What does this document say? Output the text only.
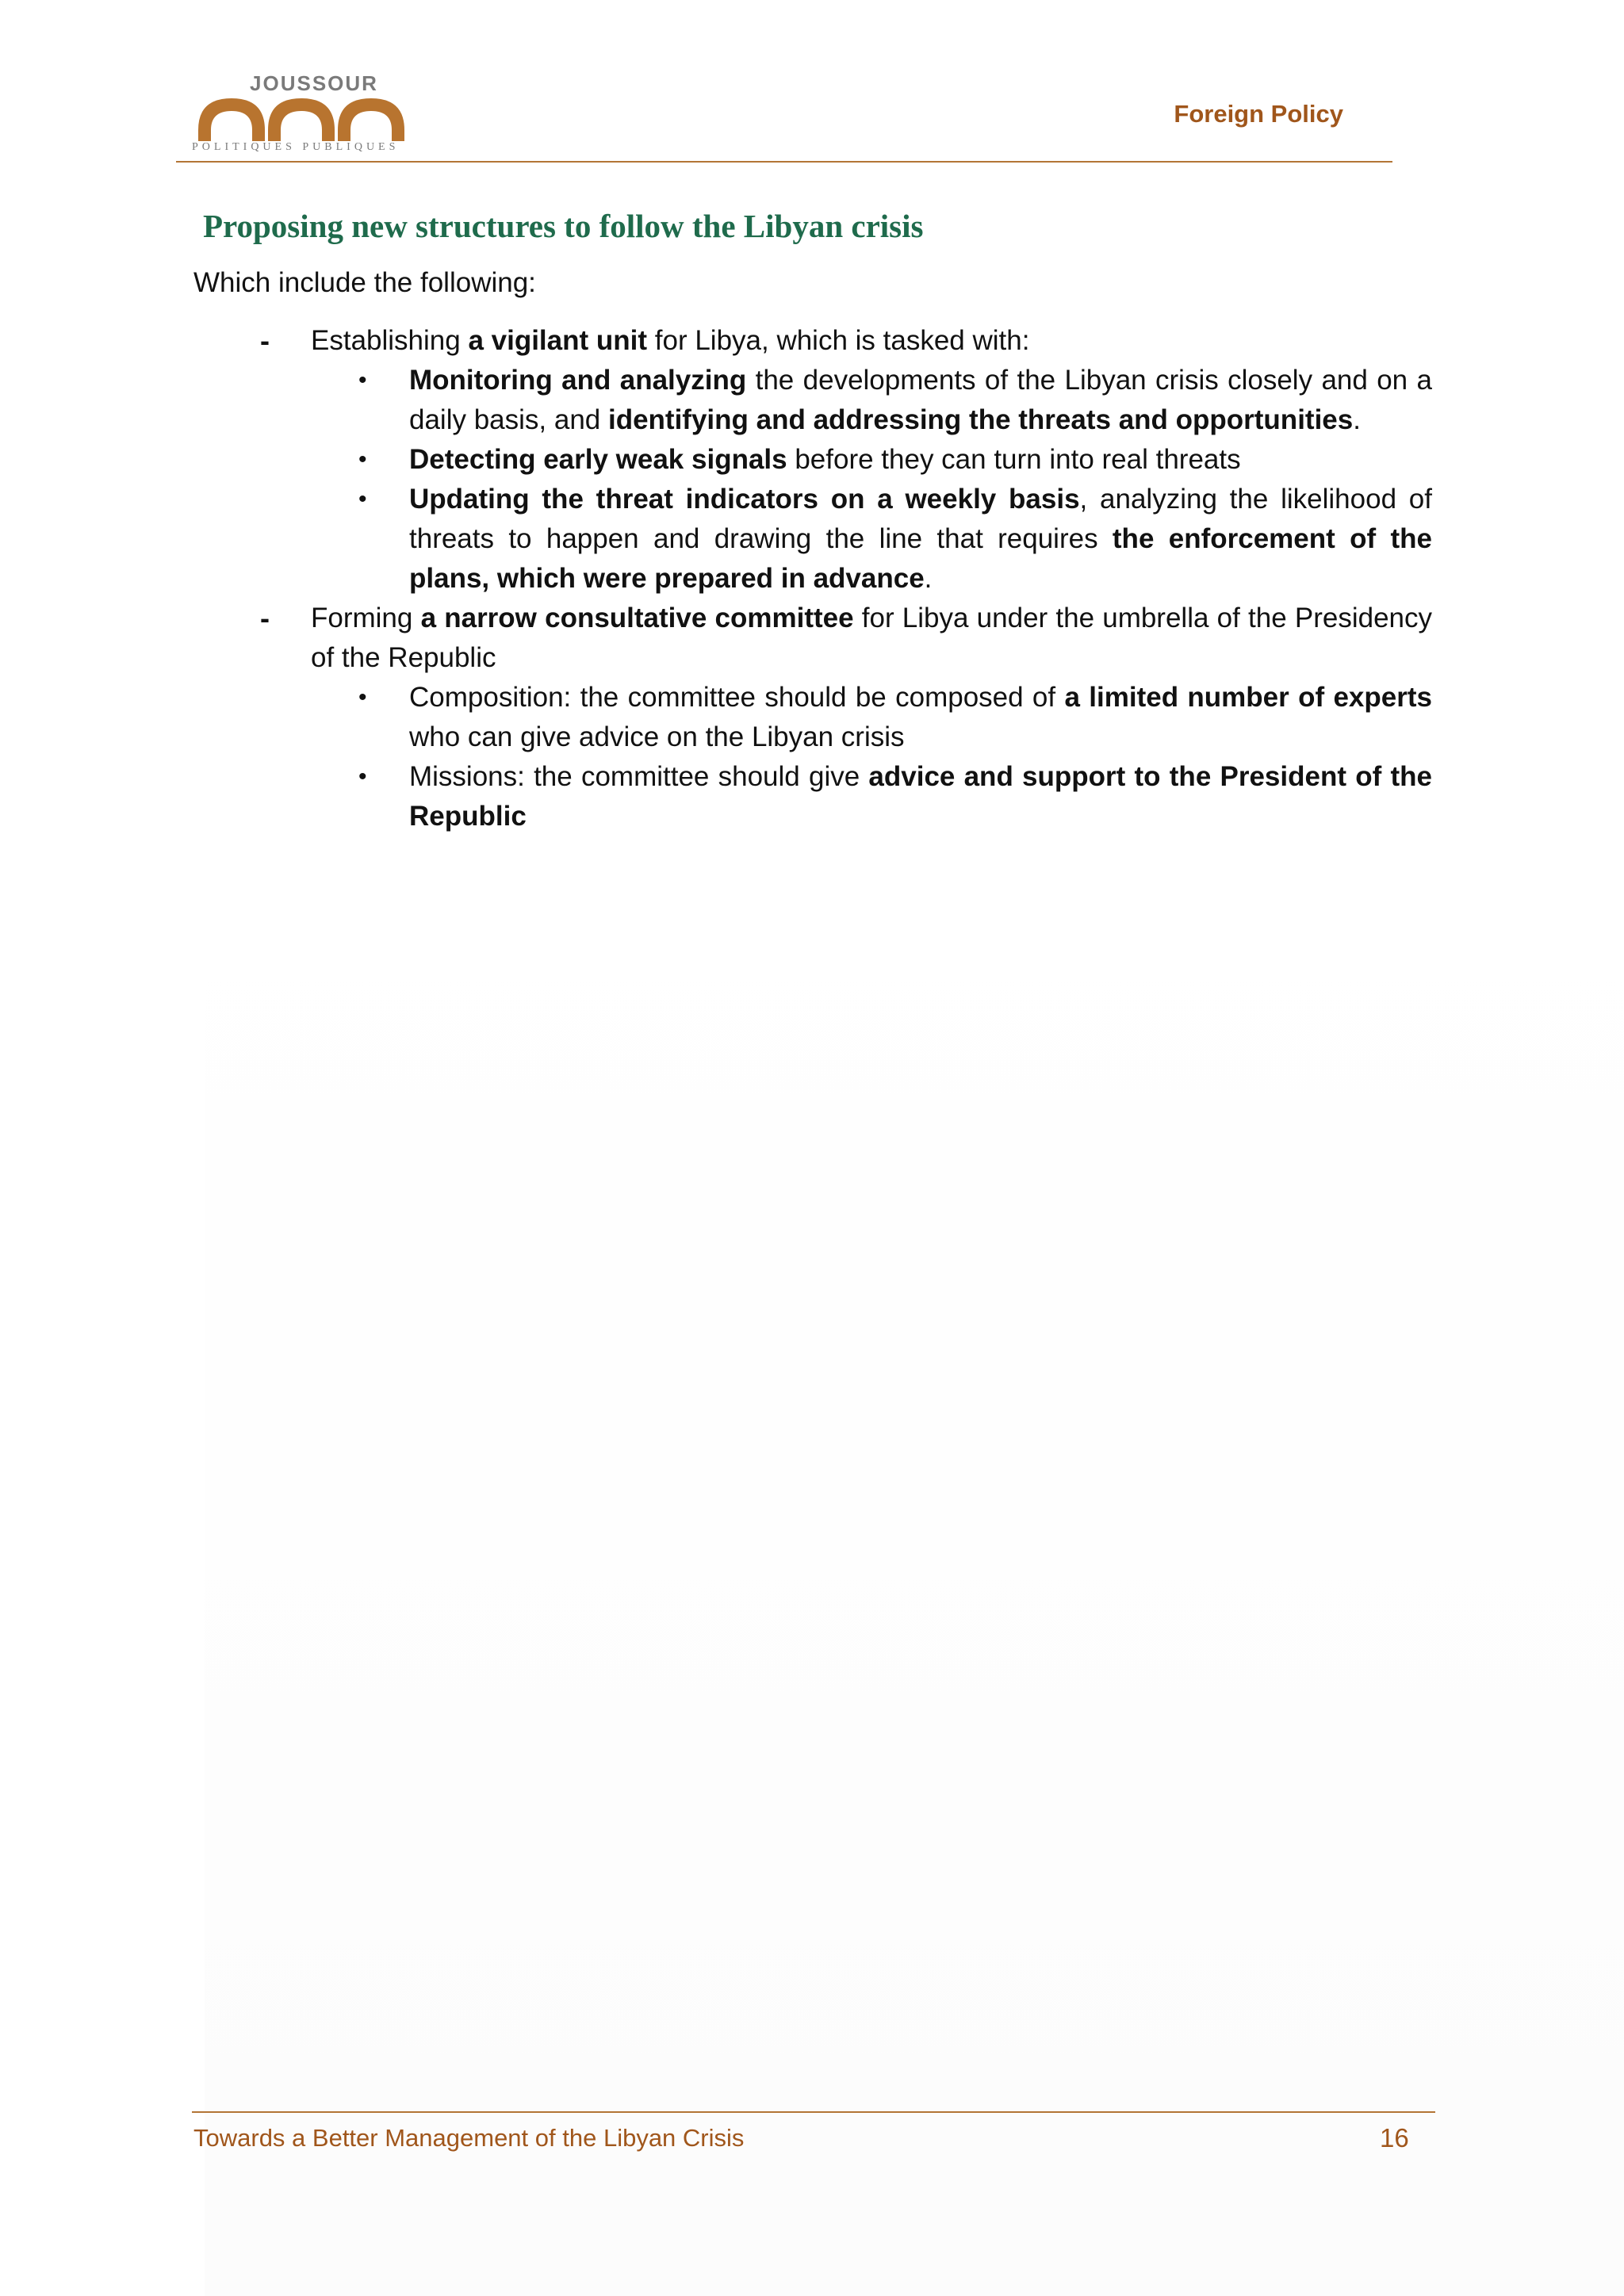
JOUSSOUR
POLITIQUES PUBLIQUES
Foreign Policy
Proposing new structures to follow the Libyan crisis

Which include the following:

- Establishing a vigilant unit for Libya, which is tasked with:
• Monitoring and analyzing the developments of the Libyan crisis closely and on a daily basis, and identifying and addressing the threats and opportunities.
• Detecting early weak signals before they can turn into real threats
• Updating the threat indicators on a weekly basis, analyzing the likelihood of threats to happen and drawing the line that requires the enforcement of the plans, which were prepared in advance.
- Forming a narrow consultative committee for Libya under the umbrella of the Presidency of the Republic
• Composition: the committee should be composed of a limited number of experts who can give advice on the Libyan crisis
• Missions: the committee should give advice and support to the President of the Republic
Towards a Better Management of the Libyan Crisis	16
